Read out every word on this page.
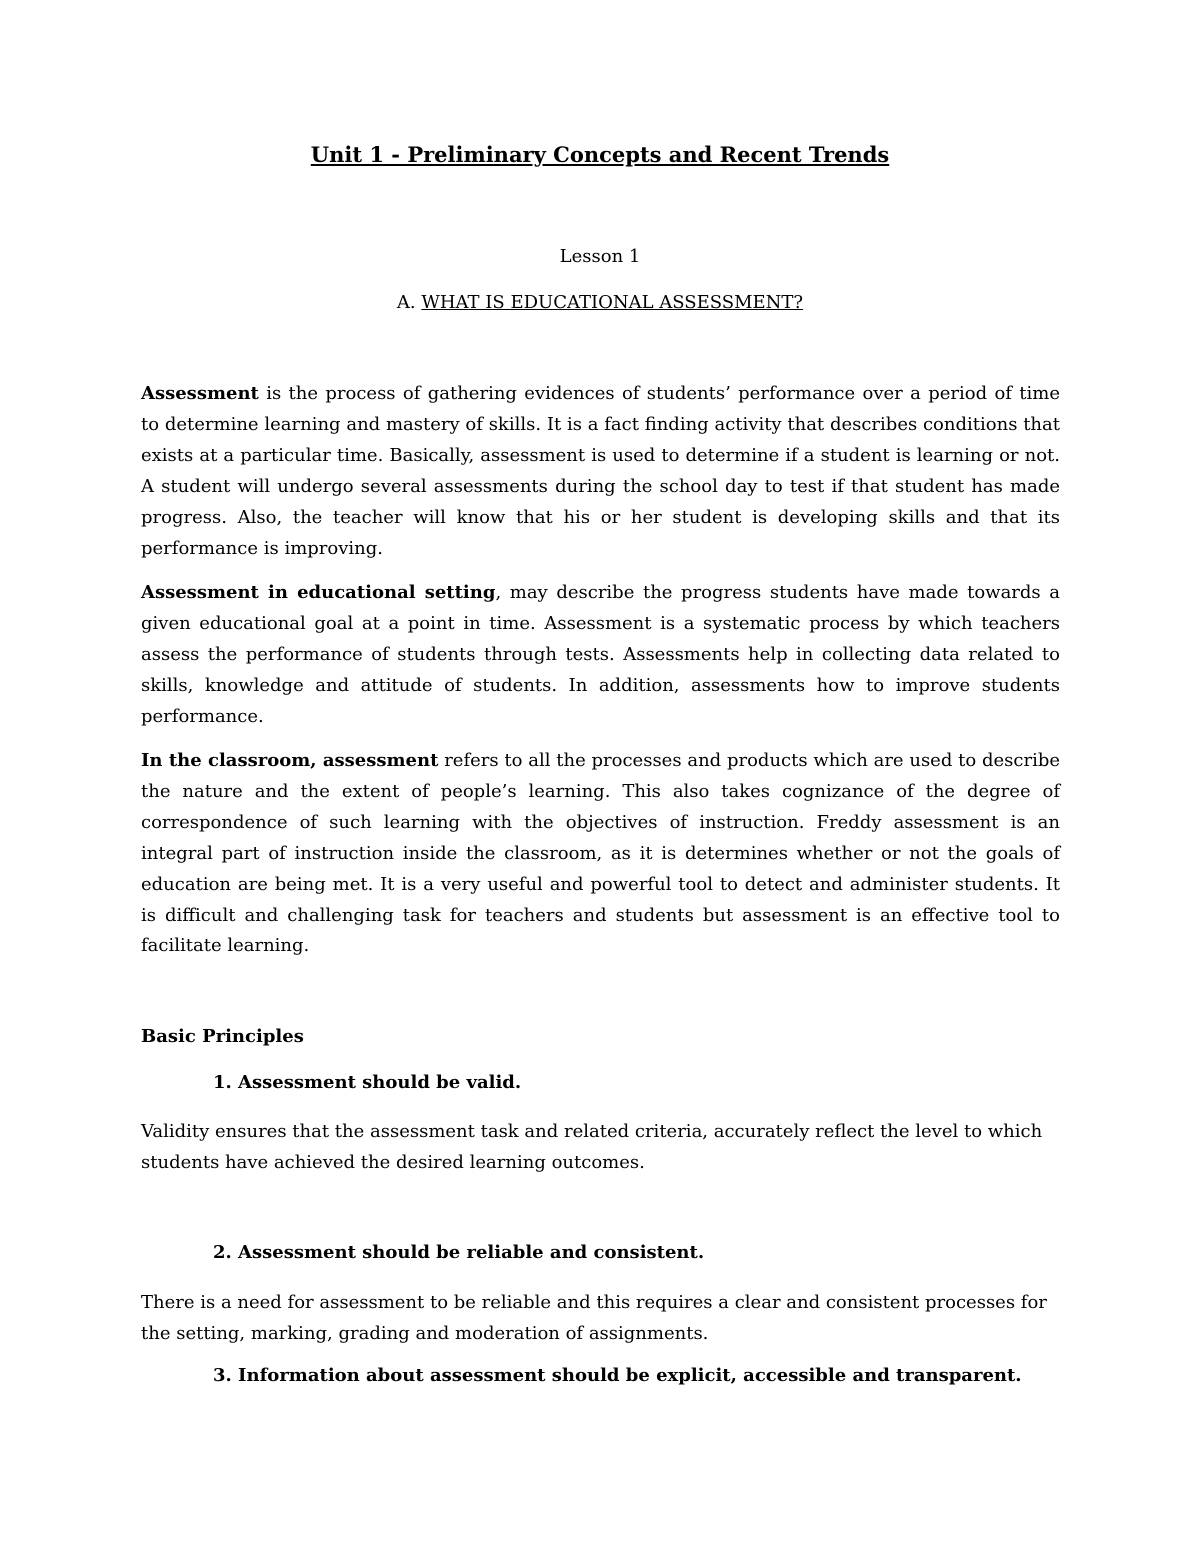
Unit 1 - Preliminary Concepts and Recent Trends

Lesson 1

A. WHAT IS EDUCATIONAL ASSESSMENT?

Assessment is the process of gathering evidences of students’ performance over a period of time to determine learning and mastery of skills. It is a fact finding activity that describes conditions that exists at a particular time. Basically, assessment is used to determine if a student is learning or not. A student will undergo several assessments during the school day to test if that student has made progress. Also, the teacher will know that his or her student is developing skills and that its performance is improving.

Assessment in educational setting, may describe the progress students have made towards a given educational goal at a point in time. Assessment is a systematic process by which teachers assess the performance of students through tests. Assessments help in collecting data related to skills, knowledge and attitude of students. In addition, assessments how to improve students performance.

In the classroom, assessment refers to all the processes and products which are used to describe the nature and the extent of people’s learning. This also takes cognizance of the degree of correspondence of such learning with the objectives of instruction. Freddy assessment is an integral part of instruction inside the classroom, as it is determines whether or not the goals of education are being met. It is a very useful and powerful tool to detect and administer students. It is difficult and challenging task for teachers and students but assessment is an effective tool to facilitate learning.

Basic Principles

1. Assessment should be valid.

Validity ensures that the assessment task and related criteria, accurately reflect the level to which students have achieved the desired learning outcomes.

2. Assessment should be reliable and consistent.

There is a need for assessment to be reliable and this requires a clear and consistent processes for the setting, marking, grading and moderation of assignments.

3. Information about assessment should be explicit, accessible and transparent.
